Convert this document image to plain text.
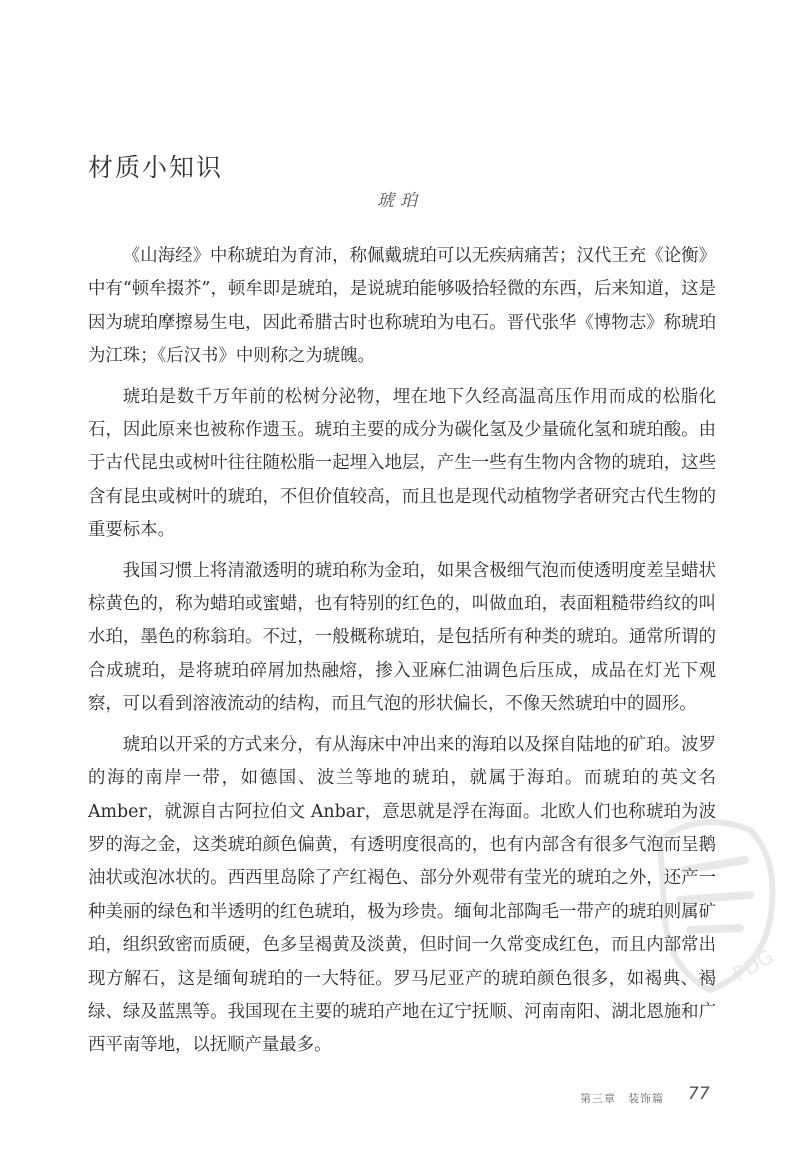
材质小知识
琥珀

《山海经》中称琥珀为育沛，称佩戴琥珀可以无疾病痛苦；汉代王充《论衡》中有“顿牟掇芥”，顿牟即是琥珀，是说琥珀能够吸拾轻微的东西，后来知道，这是因为琥珀摩擦易生电，因此希腊古时也称琥珀为电石。晋代张华《博物志》称琥珀为江珠；《后汉书》中则称之为琥魄。

琥珀是数千万年前的松树分泌物，埋在地下久经高温高压作用而成的松脂化石，因此原来也被称作遗玉。琥珀主要的成分为碳化氢及少量硫化氢和琥珀酸。由于古代昆虫或树叶往往随松脂一起埋入地层，产生一些有生物内含物的琥珀，这些含有昆虫或树叶的琥珀，不但价值较高，而且也是现代动植物学者研究古代生物的重要标本。

我国习惯上将清澈透明的琥珀称为金珀，如果含极细气泡而使透明度差呈蜡状棕黄色的，称为蜡珀或蜜蜡，也有特别的红色的，叫做血珀，表面粗糙带绉纹的叫水珀，墨色的称翁珀。不过，一般概称琥珀，是包括所有种类的琥珀。通常所谓的合成琥珀，是将琥珀碎屑加热融熔，掺入亚麻仁油调色后压成，成品在灯光下观察，可以看到溶液流动的结构，而且气泡的形状偏长，不像天然琥珀中的圆形。

琥珀以开采的方式来分，有从海床中冲出来的海珀以及探自陆地的矿珀。波罗的海的南岸一带，如德国、波兰等地的琥珀，就属于海珀。而琥珀的英文名 Amber，就源自古阿拉伯文 Anbar，意思就是浮在海面。北欧人们也称琥珀为波罗的海之金，这类琥珀颜色偏黄，有透明度很高的，也有内部含有很多气泡而呈鹅油状或泡冰状的。西西里岛除了产红褐色、部分外观带有莹光的琥珀之外，还产一种美丽的绿色和半透明的红色琥珀，极为珍贵。缅甸北部陶毛一带产的琥珀则属矿珀，组织致密而质硬，色多呈褐黄及淡黄，但时间一久常变成红色，而且内部常出现方解石，这是缅甸琥珀的一大特征。罗马尼亚产的琥珀颜色很多，如褐典、褐绿、绿及蓝黑等。我国现在主要的琥珀产地在辽宁抚顺、河南南阳、湖北恩施和广西平南等地，以抚顺产量最多。

第三章　装饰篇 77
PDG
